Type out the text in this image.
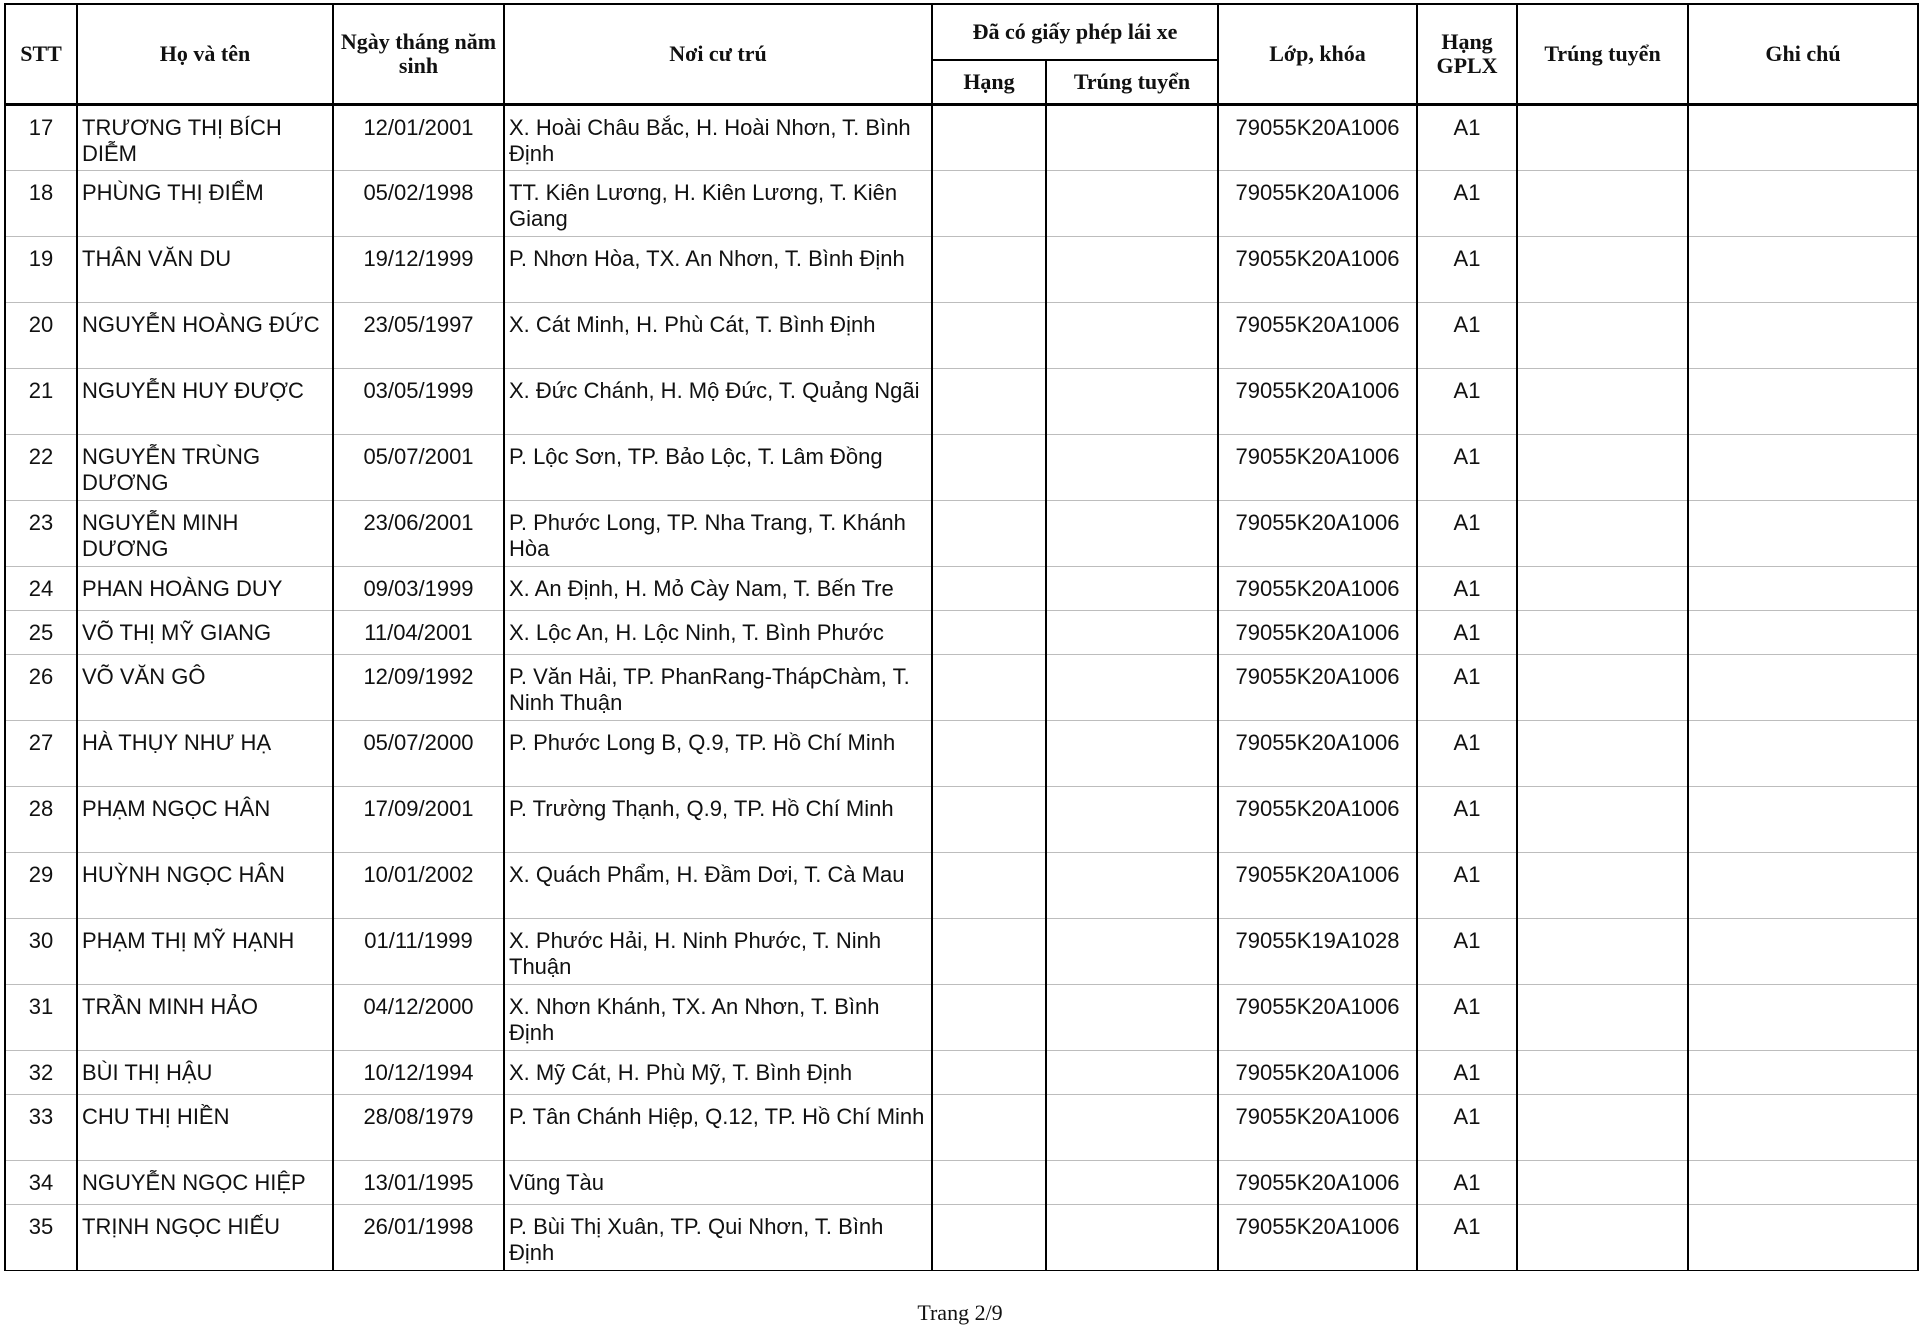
STT	Họ và tên	Ngày tháng năm sinh	Nơi cư trú	Đã có giấy phép lái xe		Lớp, khóa	Hạng GPLX	Trúng tuyển	Ghi chú
				Hạng	Trúng tuyển				
17	TRƯƠNG THỊ BÍCH DIỄM	12/01/2001	X. Hoài Châu Bắc, H. Hoài Nhơn, T. Bình Định			79055K20A1006	A1		
18	PHÙNG THỊ ĐIỂM	05/02/1998	TT. Kiên Lương, H. Kiên Lương, T. Kiên Giang			79055K20A1006	A1		
19	THÂN VĂN DU	19/12/1999	P. Nhơn Hòa, TX. An Nhơn, T. Bình Định			79055K20A1006	A1		
20	NGUYỄN HOÀNG ĐỨC	23/05/1997	X. Cát Minh, H. Phù Cát, T. Bình Định			79055K20A1006	A1		
21	NGUYỄN HUY ĐƯỢC	03/05/1999	X. Đức Chánh, H. Mộ Đức, T. Quảng Ngãi			79055K20A1006	A1		
22	NGUYỄN TRÙNG DƯƠNG	05/07/2001	P. Lộc Sơn, TP. Bảo Lộc, T. Lâm Đồng			79055K20A1006	A1		
23	NGUYỄN MINH DƯƠNG	23/06/2001	P. Phước Long, TP. Nha Trang, T. Khánh Hòa			79055K20A1006	A1		
24	PHAN HOÀNG DUY	09/03/1999	X. An Định, H. Mỏ Cày Nam, T. Bến Tre			79055K20A1006	A1		
25	VÕ THỊ MỸ GIANG	11/04/2001	X. Lộc An, H. Lộc Ninh, T. Bình Phước			79055K20A1006	A1		
26	VÕ VĂN GÔ	12/09/1992	P. Văn Hải, TP. PhanRang-ThápChàm, T. Ninh Thuận			79055K20A1006	A1		
27	HÀ THỤY NHƯ HẠ	05/07/2000	P. Phước Long B, Q.9, TP. Hồ Chí Minh			79055K20A1006	A1		
28	PHẠM NGỌC HÂN	17/09/2001	P. Trường Thạnh, Q.9, TP. Hồ Chí Minh			79055K20A1006	A1		
29	HUỲNH NGỌC HÂN	10/01/2002	X. Quách Phẩm, H. Đầm Dơi, T. Cà Mau			79055K20A1006	A1		
30	PHẠM THỊ MỸ HẠNH	01/11/1999	X. Phước Hải, H. Ninh Phước, T. Ninh Thuận			79055K19A1028	A1		
31	TRẦN MINH HẢO	04/12/2000	X. Nhơn Khánh, TX. An Nhơn, T. Bình Định			79055K20A1006	A1		
32	BÙI THỊ HẬU	10/12/1994	X. Mỹ Cát, H. Phù Mỹ, T. Bình Định			79055K20A1006	A1		
33	CHU THỊ HIỀN	28/08/1979	P. Tân Chánh Hiệp, Q.12, TP. Hồ Chí Minh			79055K20A1006	A1		
34	NGUYỄN NGỌC HIỆP	13/01/1995	Vũng Tàu			79055K20A1006	A1		
35	TRỊNH NGỌC HIẾU	26/01/1998	P. Bùi Thị Xuân, TP. Qui Nhơn, T. Bình Định			79055K20A1006	A1		
Trang 2/9
